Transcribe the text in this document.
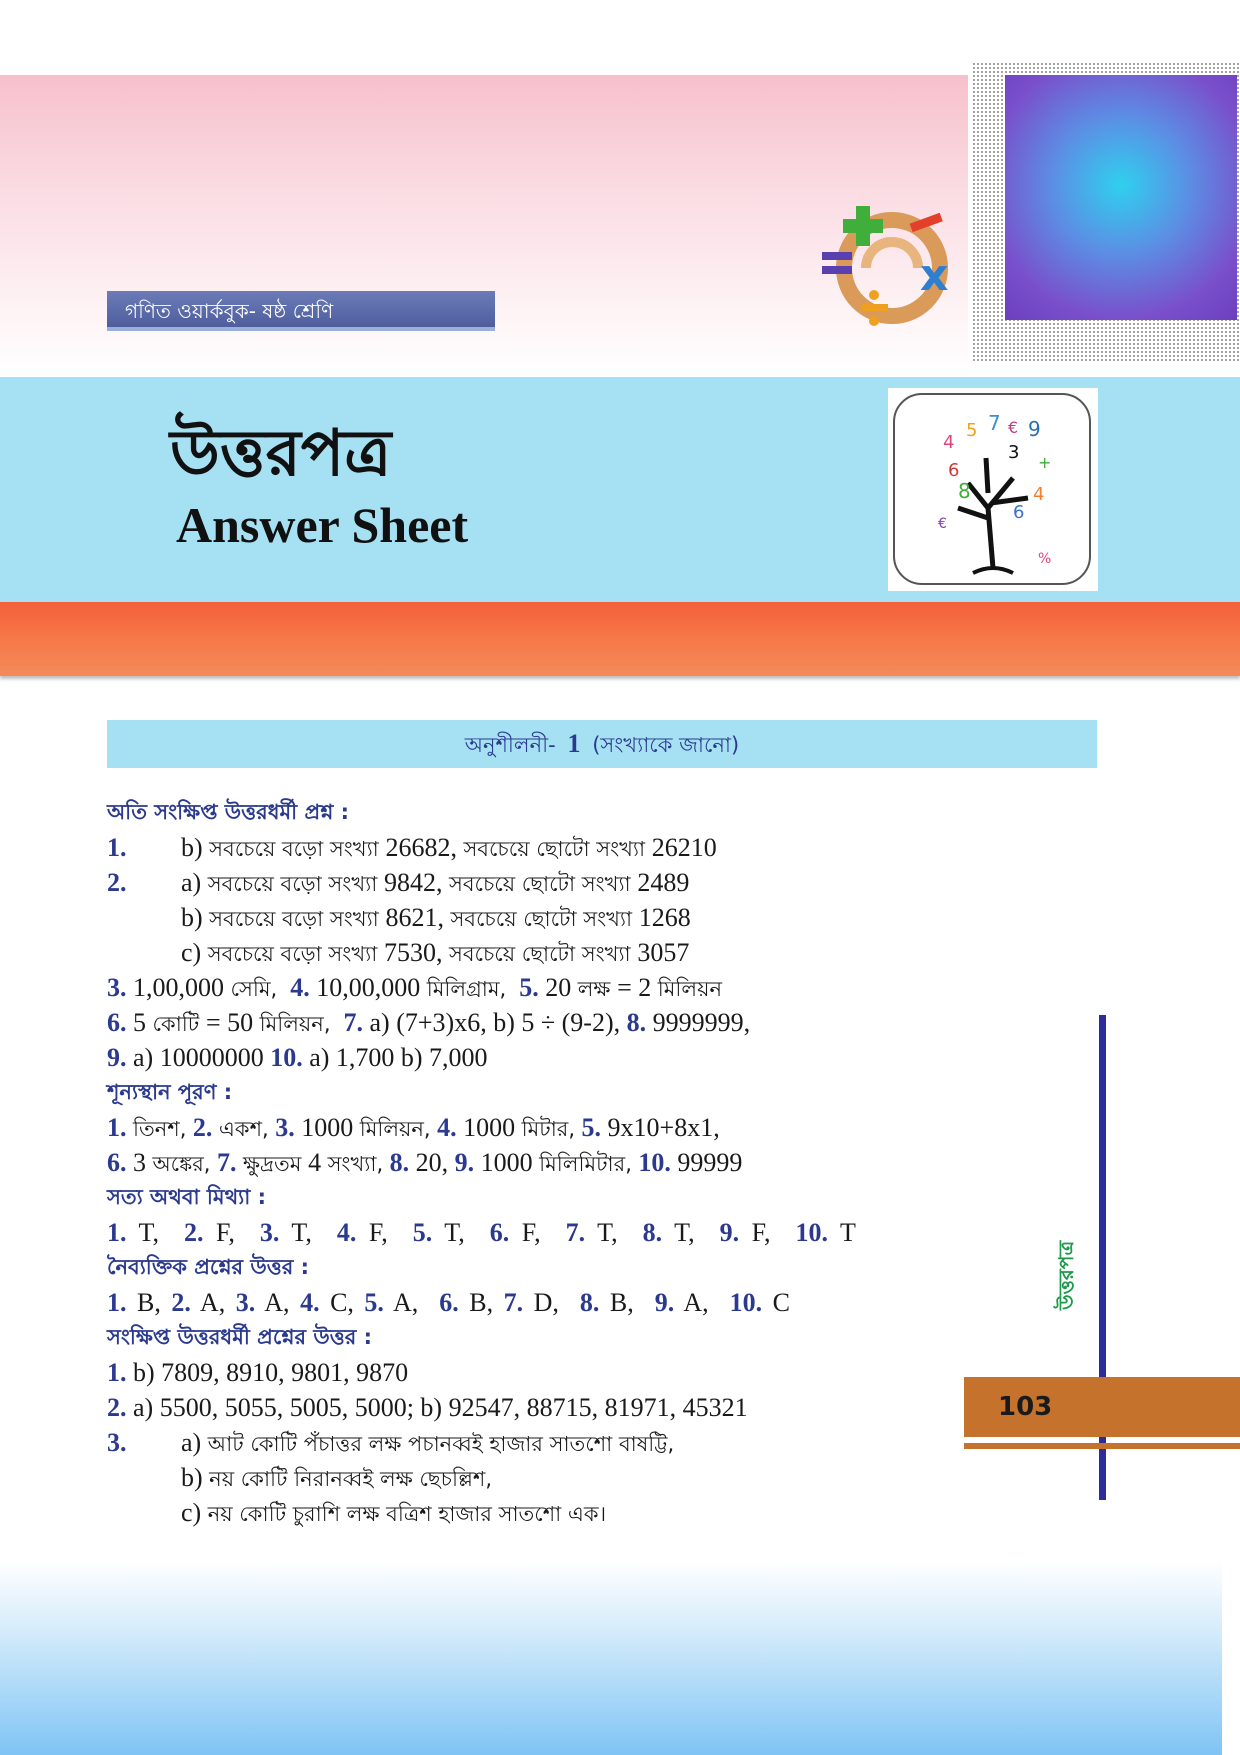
x
গণিত ওয়ার্কবুক- ষষ্ঠ শ্রেণি
উত্তরপত্র
Answer Sheet
4
5 7 € 9
3 +
6
8	4
6
€
%
অনুশীলনী- 1 (সংখ্যাকে জানো)
অতি সংক্ষিপ্ত উত্তরধর্মী প্রশ্ন :
1. b) সবচেয়ে বড়ো সংখ্যা 26682, সবচেয়ে ছোটো সংখ্যা 26210
2. a) সবচেয়ে বড়ো সংখ্যা 9842, সবচেয়ে ছোটো সংখ্যা 2489
b) সবচেয়ে বড়ো সংখ্যা 8621, সবচেয়ে ছোটো সংখ্যা 1268
c) সবচেয়ে বড়ো সংখ্যা 7530, সবচেয়ে ছোটো সংখ্যা 3057
3. 1,00,000 সেমি, 4. 10,00,000 মিলিগ্রাম, 5. 20 লক্ষ = 2 মিলিয়ন
6. 5 কোটি = 50 মিলিয়ন, 7. a) (7+3)x6, b) 5 ÷ (9-2), 8. 9999999,
9. a) 10000000 10. a) 1,700 b) 7,000
শূন্যস্থান পূরণ :
1. তিনশ, 2. একশ, 3. 1000 মিলিয়ন, 4. 1000 মিটার, 5. 9x10+8x1,
6. 3 অঙ্কের, 7. ক্ষুদ্রতম 4 সংখ্যা, 8. 20, 9. 1000 মিলিমিটার, 10. 99999
সত্য অথবা মিথ্যা :
1. T, 2. F, 3. T, 4. F, 5. T, 6. F, 7. T, 8. T, 9. F, 10. T
নৈব্যক্তিক প্রশ্নের উত্তর :
1. B, 2. A, 3. A, 4. C, 5. A, 6. B, 7. D, 8. B, 9. A, 10. C
সংক্ষিপ্ত উত্তরধর্মী প্রশ্নের উত্তর :
1. b) 7809, 8910, 9801, 9870
2. a) 5500, 5055, 5005, 5000; b) 92547, 88715, 81971, 45321
3. a) আট কোটি পঁচাত্তর লক্ষ পচানব্বই হাজার সাতশো বাষট্টি,
b) নয় কোটি নিরানব্বই লক্ষ ছেচল্লিশ,
c) নয় কোটি চুরাশি লক্ষ বত্রিশ হাজার সাতশো এক।
উত্তরপত্র
103
